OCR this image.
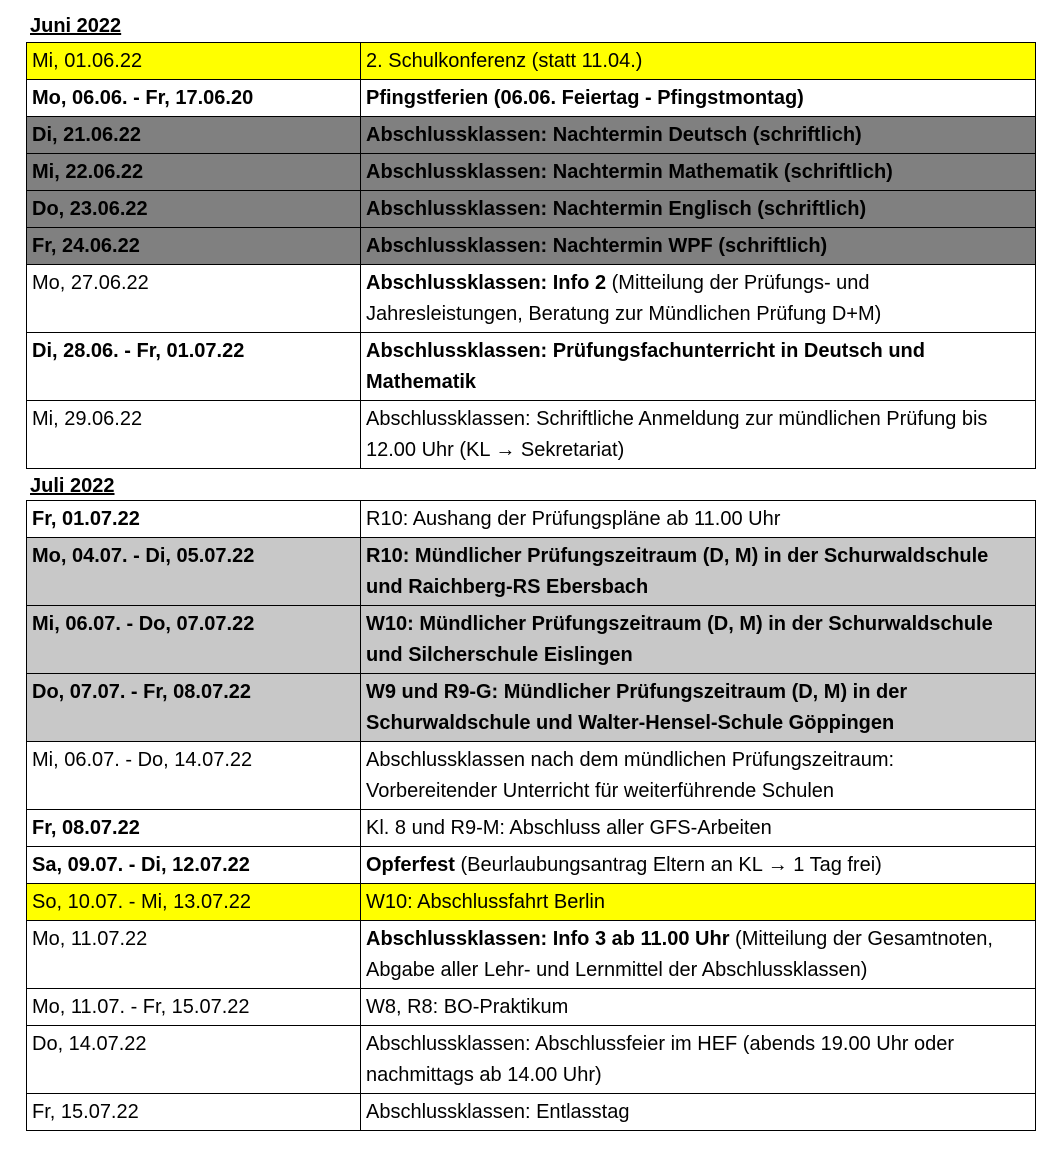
Juni 2022
Mi, 01.06.22	2. Schulkonferenz (statt 11.04.)
Mo, 06.06. - Fr, 17.06.20	Pfingstferien (06.06. Feiertag - Pfingstmontag)
Di, 21.06.22	Abschlussklassen: Nachtermin Deutsch (schriftlich)
Mi, 22.06.22	Abschlussklassen: Nachtermin Mathematik (schriftlich)
Do, 23.06.22	Abschlussklassen: Nachtermin Englisch (schriftlich)
Fr, 24.06.22	Abschlussklassen: Nachtermin WPF (schriftlich)
Mo, 27.06.22	Abschlussklassen: Info 2 (Mitteilung der Prüfungs- und Jahresleistungen, Beratung zur Mündlichen Prüfung D+M)
Di, 28.06. - Fr, 01.07.22	Abschlussklassen: Prüfungsfachunterricht in Deutsch und Mathematik
Mi, 29.06.22	Abschlussklassen: Schriftliche Anmeldung zur mündlichen Prüfung bis 12.00 Uhr (KL → Sekretariat)
Juli 2022
Fr, 01.07.22	R10: Aushang der Prüfungspläne ab 11.00 Uhr
Mo, 04.07. - Di, 05.07.22	R10: Mündlicher Prüfungszeitraum (D, M) in der Schurwaldschule und Raichberg-RS Ebersbach
Mi, 06.07. - Do, 07.07.22	W10: Mündlicher Prüfungszeitraum (D, M) in der Schurwaldschule und Silcherschule Eislingen
Do, 07.07. - Fr, 08.07.22	W9 und R9-G: Mündlicher Prüfungszeitraum (D, M) in der Schurwaldschule und Walter-Hensel-Schule Göppingen
Mi, 06.07. - Do, 14.07.22	Abschlussklassen nach dem mündlichen Prüfungszeitraum: Vorbereitender Unterricht für weiterführende Schulen
Fr, 08.07.22	Kl. 8 und R9-M: Abschluss aller GFS-Arbeiten
Sa, 09.07. - Di, 12.07.22	Opferfest (Beurlaubungsantrag Eltern an KL → 1 Tag frei)
So, 10.07. - Mi, 13.07.22	W10: Abschlussfahrt Berlin
Mo, 11.07.22	Abschlussklassen: Info 3 ab 11.00 Uhr (Mitteilung der Gesamtnoten, Abgabe aller Lehr- und Lernmittel der Abschlussklassen)
Mo, 11.07. - Fr, 15.07.22	W8, R8: BO-Praktikum
Do, 14.07.22	Abschlussklassen: Abschlussfeier im HEF (abends 19.00 Uhr oder nachmittags ab 14.00 Uhr)
Fr, 15.07.22	Abschlussklassen: Entlasstag
